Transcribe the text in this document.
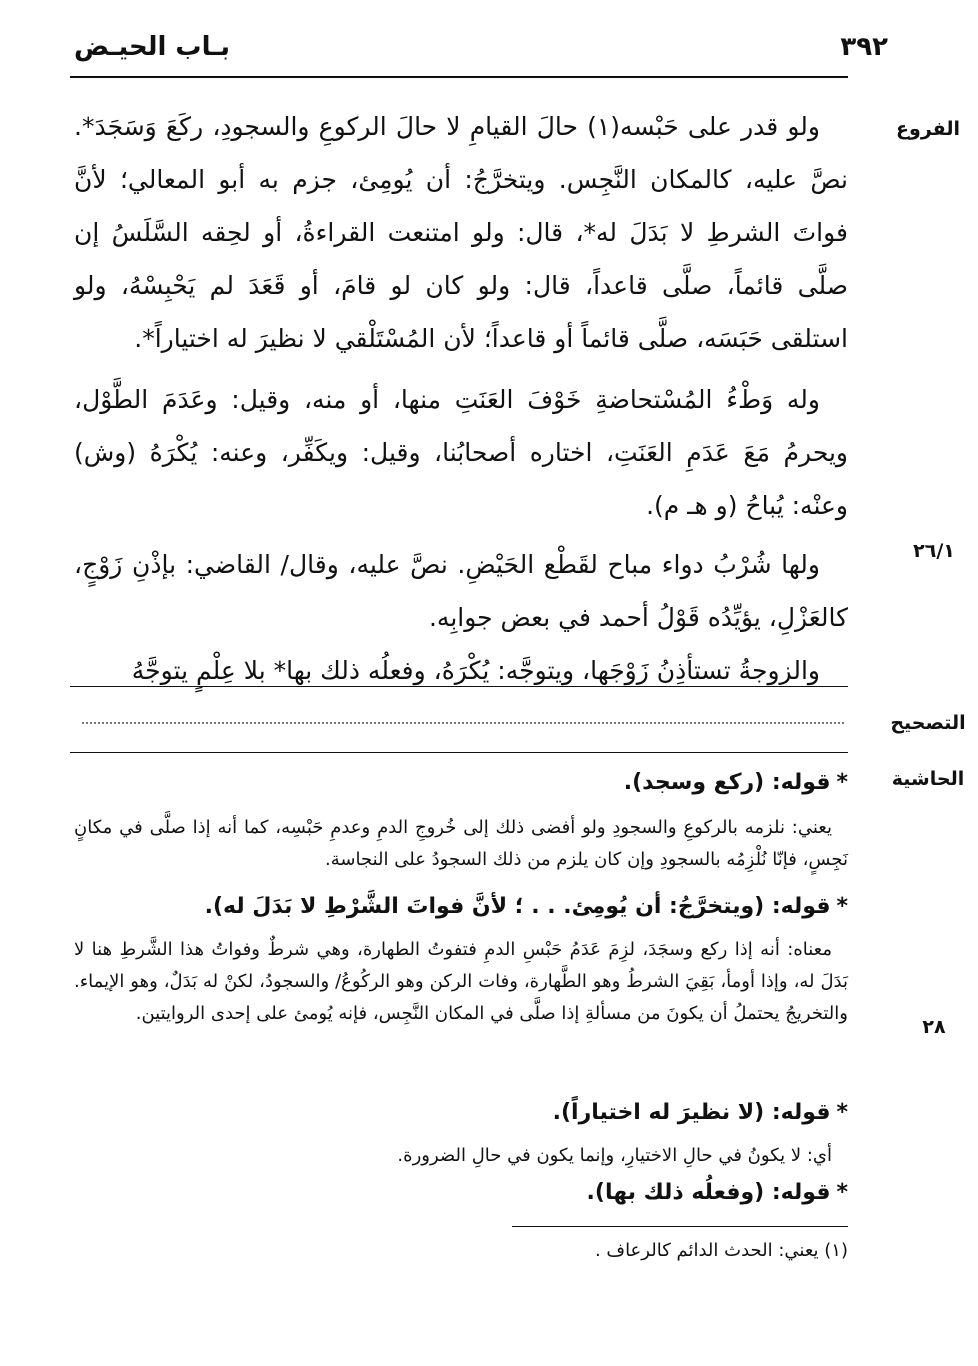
٣٩٢
بـاب الحيـض
الفروع
٢٦/١
التصحيح
الحاشية
٢٨

ولو قدر على حَبْسه(١) حالَ القيامِ لا حالَ الركوعِ والسجودِ، ركَعَ وَسَجَدَ*. نصَّ عليه، كالمكان النَّجِس. ويتخرَّجُ: أن يُومِئ، جزم به أبو المعالي؛ لأنَّ فواتَ الشرطِ لا بَدَلَ له*، قال: ولو امتنعت القراءةُ، أو لحِقه السَّلَسُ إن صلَّى قائماً، صلَّى قاعداً، قال: ولو كان لو قامَ، أو قَعَدَ لم يَحْبِسْهُ، ولو استلقى حَبَسَه، صلَّى قائماً أو قاعداً؛ لأن المُسْتَلْقي لا نظيرَ له اختياراً*.

وله وَطْءُ المُسْتحاضةِ خَوْفَ العَنَتِ منها، أو منه، وقيل: وعَدَمَ الطَّوْل، ويحرمُ مَعَ عَدَمِ العَنَتِ، اختاره أصحابُنا، وقيل: ويكَفِّر، وعنه: يُكْرَهُ (وش) وعنْه: يُباحُ (و هـ م).

ولها شُرْبُ دواء مباح لقَطْع الحَيْضِ. نصَّ عليه، وقال/ القاضي: بإذْنِ زَوْجٍ، كالعَزْلِ، يؤيِّدُه قَوْلُ أحمد في بعض جوابِه.

والزوجةُ تستأذِنُ زَوْجَها، ويتوجَّه: يُكْرَهُ، وفعلُه ذلك بها* بلا عِلْمٍ يتوجَّهُ

*قوله: (ركع وسجد).

يعني: نلزمه بالركوعِ والسجودِ ولو أفضى ذلك إلى خُروجِ الدمِ وعدمِ حَبْسِه، كما أنه إذا صلَّى في مكانٍ نَجِسٍ، فإنّا نُلْزِمُه بالسجودِ وإن كان يلزم من ذلك السجودُ على النجاسة.

*قوله: (ويتخرَّجُ: أن يُومِئ. . . ؛ لأنَّ فواتَ الشَّرْطِ لا بَدَلَ له).

معناه: أنه إذا ركع وسجَدَ، لزِمَ عَدَمُ حَبْسِ الدمِ فتفوتُ الطهارة، وهي شرطٌ وفواتُ هذا الشَّرطِ هنا لا بَدَلَ له، وإذا أومأ، بَقِيَ الشرطُ وهو الطَّهارة، وفات الركن وهو الركُوعُ/ والسجودُ، لكنْ له بَدَلٌ، وهو الإيماء. والتخريجُ يحتملُ أن يكونَ من مسألةِ إذا صلَّى في المكان النَّجِس، فإنه يُومئ على إحدى الروايتين.

*قوله: (لا نظيرَ له اختياراً).

أي: لا يكونُ في حالِ الاختيارِ، وإنما يكون في حالِ الضرورة.

*قوله: (وفعلُه ذلك بها).
(١) يعني: الحدث الدائم كالرعاف .
